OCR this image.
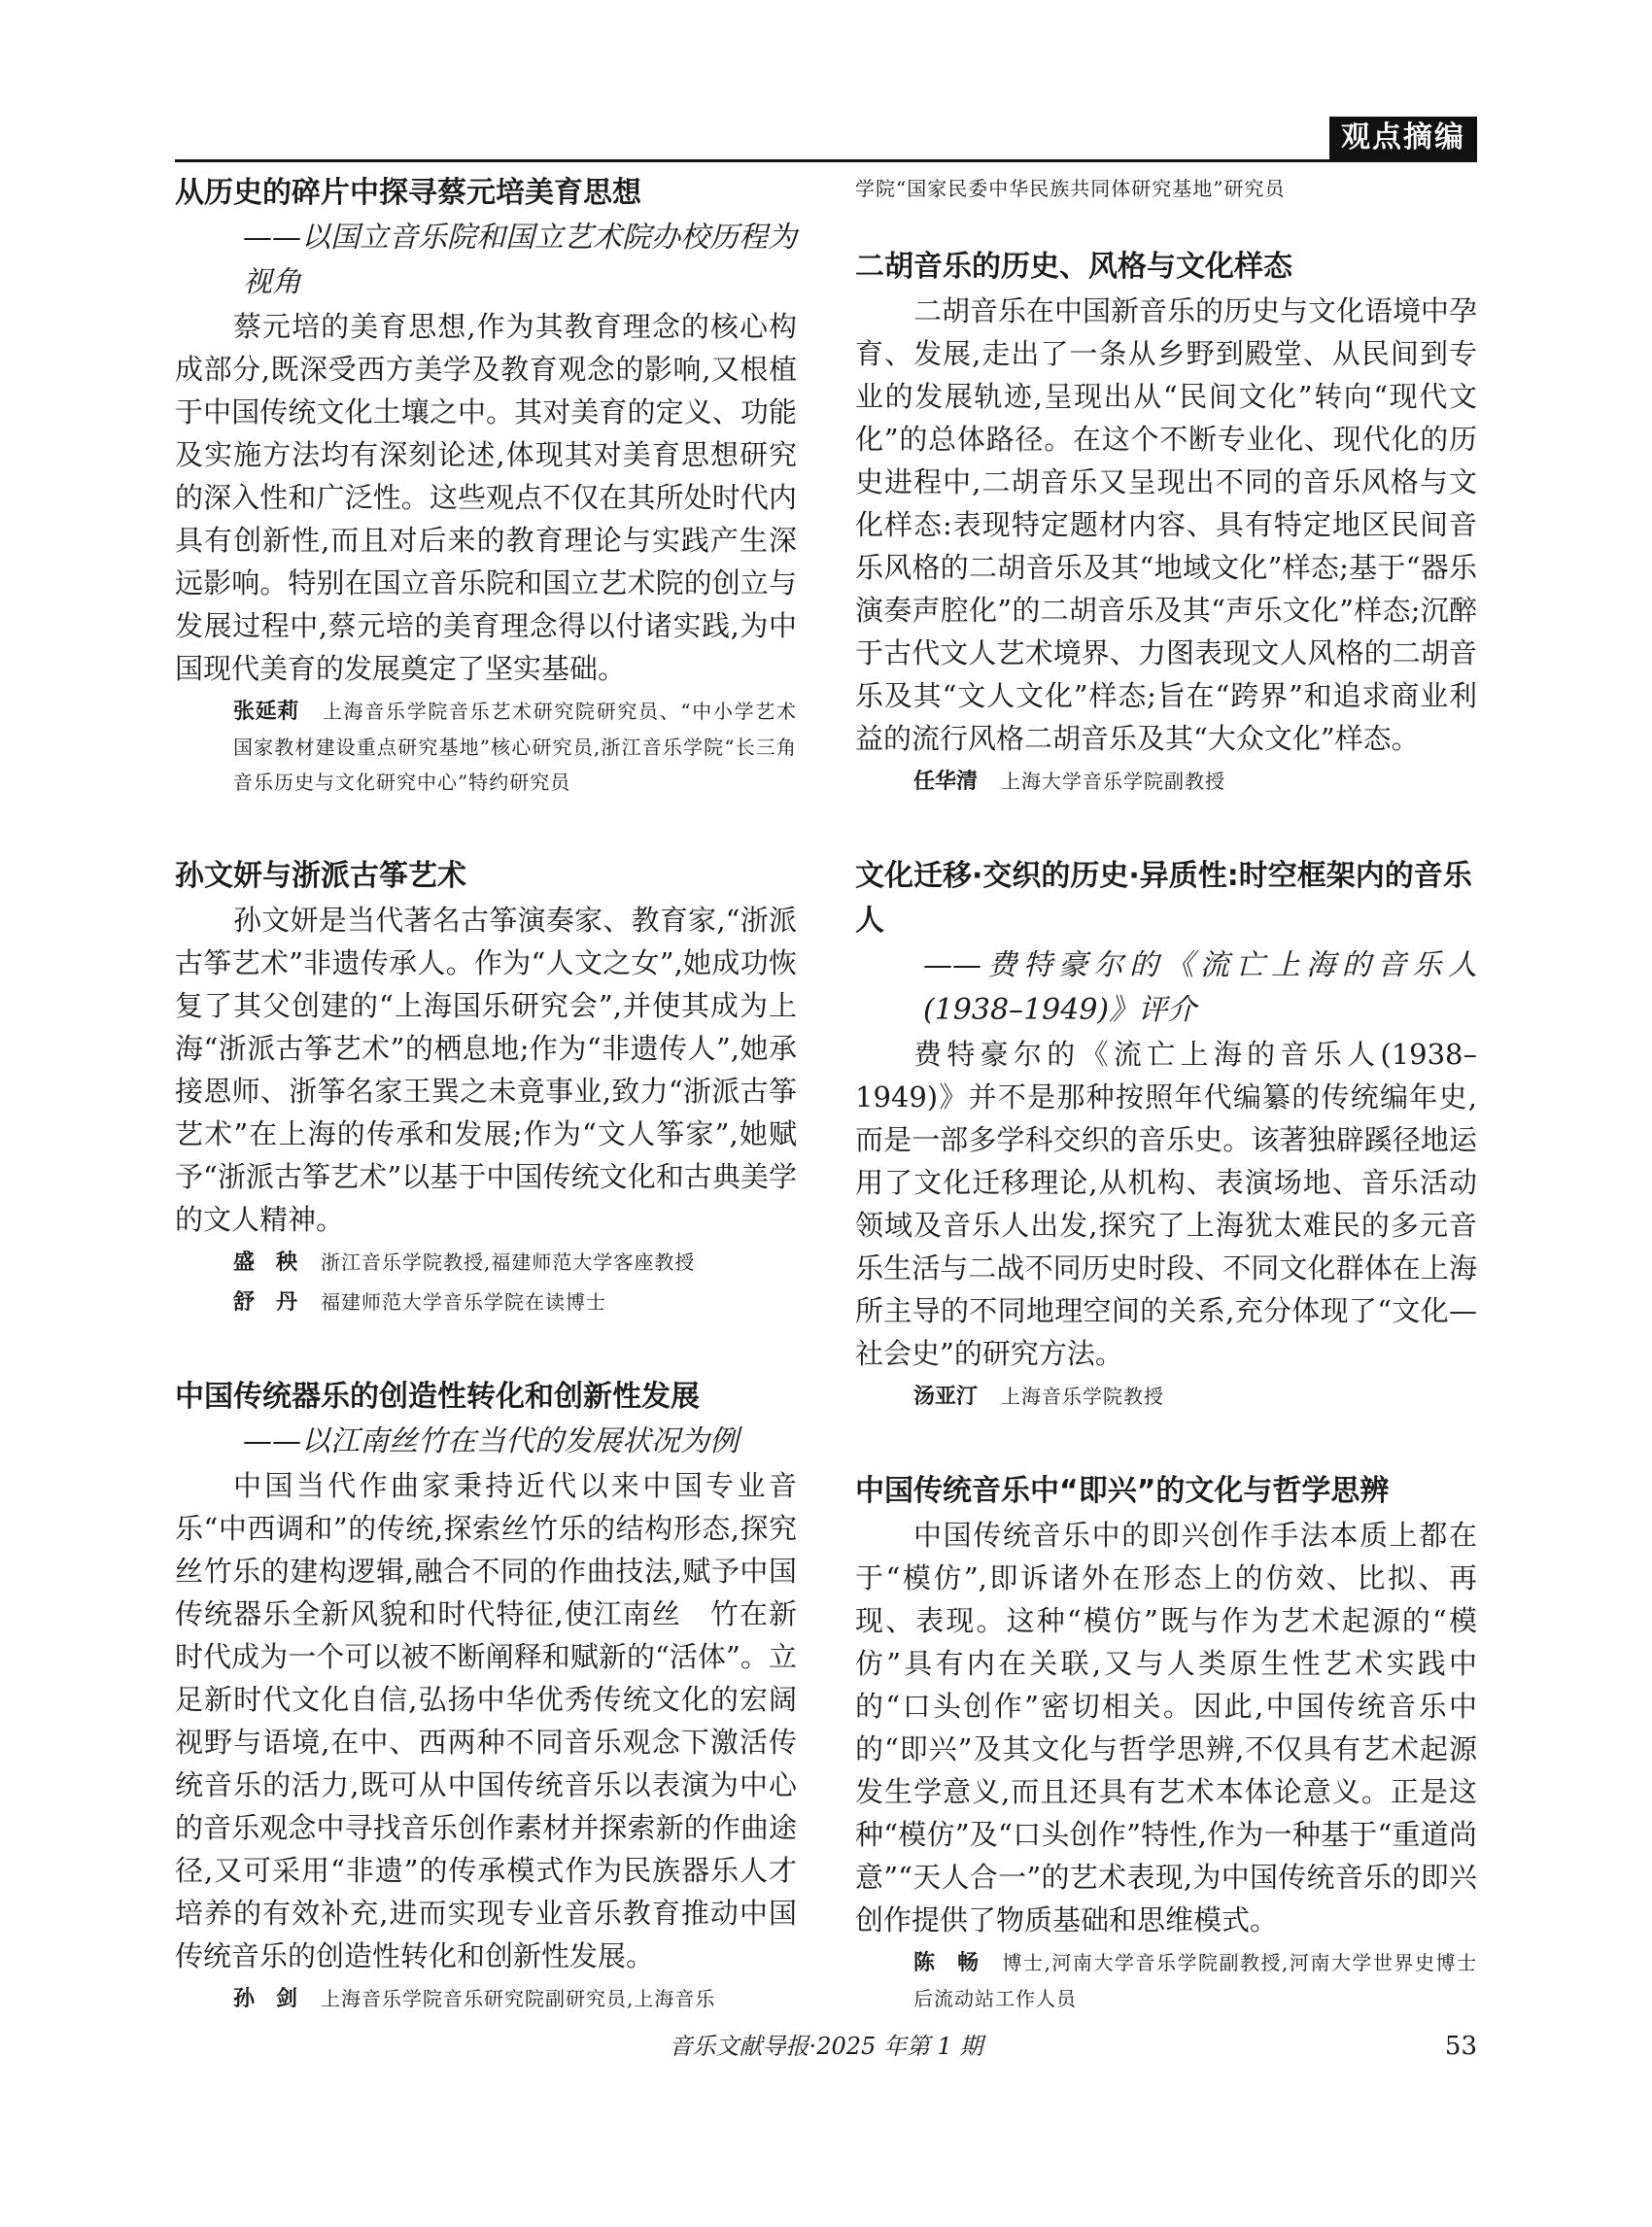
观点摘编
从历史的碎片中探寻蔡元培美育思想

——以国立音乐院和国立艺术院办校历程为视角

蔡元培的美育思想,作为其教育理念的核心构成部分,既深受西方美学及教育观念的影响,又根植于中国传统文化土壤之中。其对美育的定义、功能及实施方法均有深刻论述,体现其对美育思想研究的深入性和广泛性。这些观点不仅在其所处时代内具有创新性,而且对后来的教育理论与实践产生深远影响。特别在国立音乐院和国立艺术院的创立与发展过程中,蔡元培的美育理念得以付诸实践,为中国现代美育的发展奠定了坚实基础。

张延莉 上海音乐学院音乐艺术研究院研究员、“中小学艺术国家教材建设重点研究基地”核心研究员,浙江音乐学院“长三角音乐历史与文化研究中心”特约研究员

孙文妍与浙派古筝艺术

孙文妍是当代著名古筝演奏家、教育家,“浙派古筝艺术”非遗传承人。作为“人文之女”,她成功恢复了其父创建的“上海国乐研究会”,并使其成为上海“浙派古筝艺术”的栖息地;作为“非遗传人”,她承接恩师、浙筝名家王巽之未竟事业,致力“浙派古筝艺术”在上海的传承和发展;作为“文人筝家”,她赋予“浙派古筝艺术”以基于中国传统文化和古典美学的文人精神。

盛　秧 浙江音乐学院教授,福建师范大学客座教授

舒　丹 福建师范大学音乐学院在读博士

中国传统器乐的创造性转化和创新性发展

——以江南丝竹在当代的发展状况为例

中国当代作曲家秉持近代以来中国专业音乐“中西调和”的传统,探索丝竹乐的结构形态,探究丝竹乐的建构逻辑,融合不同的作曲技法,赋予中国传统器乐全新风貌和时代特征,使江南丝　竹在新时代成为一个可以被不断阐释和赋新的“活体”。立足新时代文化自信,弘扬中华优秀传统文化的宏阔视野与语境,在中、西两种不同音乐观念下激活传统音乐的活力,既可从中国传统音乐以表演为中心的音乐观念中寻找音乐创作素材并探索新的作曲途径,又可采用“非遗”的传承模式作为民族器乐人才培养的有效补充,进而实现专业音乐教育推动中国传统音乐的创造性转化和创新性发展。

孙　剑 上海音乐学院音乐研究院副研究员,上海音乐

学院“国家民委中华民族共同体研究基地”研究员

二胡音乐的历史、风格与文化样态

二胡音乐在中国新音乐的历史与文化语境中孕育、发展,走出了一条从乡野到殿堂、从民间到专业的发展轨迹,呈现出从“民间文化”转向“现代文化”的总体路径。在这个不断专业化、现代化的历史进程中,二胡音乐又呈现出不同的音乐风格与文化样态:表现特定题材内容、具有特定地区民间音乐风格的二胡音乐及其“地域文化”样态;基于“器乐演奏声腔化”的二胡音乐及其“声乐文化”样态;沉醉于古代文人艺术境界、力图表现文人风格的二胡音乐及其“文人文化”样态;旨在“跨界”和追求商业利益的流行风格二胡音乐及其“大众文化”样态。

任华清 上海大学音乐学院副教授

文化迁移·交织的历史·异质性:时空框架内的音乐人

——费特豪尔的《流亡上海的音乐人(1938–1949)》评介

费特豪尔的《流亡上海的音乐人(1938–1949)》并不是那种按照年代编纂的传统编年史,而是一部多学科交织的音乐史。该著独辟蹊径地运用了文化迁移理论,从机构、表演场地、音乐活动领域及音乐人出发,探究了上海犹太难民的多元音乐生活与二战不同历史时段、不同文化群体在上海所主导的不同地理空间的关系,充分体现了“文化—社会史”的研究方法。

汤亚汀 上海音乐学院教授

中国传统音乐中“即兴”的文化与哲学思辨

中国传统音乐中的即兴创作手法本质上都在于“模仿”,即诉诸外在形态上的仿效、比拟、再现、表现。这种“模仿”既与作为艺术起源的“模仿”具有内在关联,又与人类原生性艺术实践中的“口头创作”密切相关。因此,中国传统音乐中的“即兴”及其文化与哲学思辨,不仅具有艺术起源发生学意义,而且还具有艺术本体论意义。正是这种“模仿”及“口头创作”特性,作为一种基于“重道尚意”“天人合一”的艺术表现,为中国传统音乐的即兴创作提供了物质基础和思维模式。

陈　畅 博士,河南大学音乐学院副教授,河南大学世界史博士后流动站工作人员

音乐文献导报·2025 年第 1 期	53
